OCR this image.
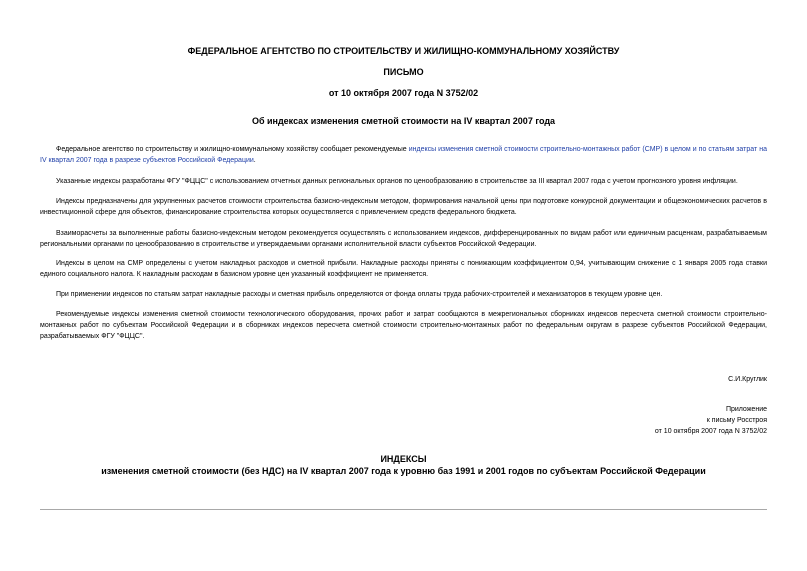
ФЕДЕРАЛЬНОЕ АГЕНТСТВО ПО СТРОИТЕЛЬСТВУ И ЖИЛИЩНО-КОММУНАЛЬНОМУ ХОЗЯЙСТВУ
ПИСЬМО
от 10 октября 2007 года N 3752/02
Об индексах изменения сметной стоимости на IV квартал 2007 года
Федеральное агентство по строительству и жилищно-коммунальному хозяйству сообщает рекомендуемые индексы изменения сметной стоимости строительно-монтажных работ (СМР) в целом и по статьям затрат на IV квартал 2007 года в разрезе субъектов Российской Федерации.
Указанные индексы разработаны ФГУ "ФЦЦС" с использованием отчетных данных региональных органов по ценообразованию в строительстве за III квартал 2007 года с учетом прогнозного уровня инфляции.
Индексы предназначены для укрупненных расчетов стоимости строительства базисно-индексным методом, формирования начальной цены при подготовке конкурсной документации и общеэкономических расчетов в инвестиционной сфере для объектов, финансирование строительства которых осуществляется с привлечением средств федерального бюджета.
Взаиморасчеты за выполненные работы базисно-индексным методом рекомендуется осуществлять с использованием индексов, дифференцированных по видам работ или единичным расценкам, разрабатываемым региональными органами по ценообразованию в строительстве и утверждаемыми органами исполнительной власти субъектов Российской Федерации.
Индексы в целом на СМР определены с учетом накладных расходов и сметной прибыли. Накладные расходы приняты с понижающим коэффициентом 0,94, учитывающим снижение с 1 января 2005 года ставки единого социального налога. К накладным расходам в базисном уровне цен указанный коэффициент не применяется.
При применении индексов по статьям затрат накладные расходы и сметная прибыль определяются от фонда оплаты труда рабочих-строителей и механизаторов в текущем уровне цен.
Рекомендуемые индексы изменения сметной стоимости технологического оборудования, прочих работ и затрат сообщаются в межрегиональных сборниках индексов пересчета сметной стоимости строительно-монтажных работ по субъектам Российской Федерации и в сборниках индексов пересчета сметной стоимости строительно-монтажных работ по федеральным округам в разрезе субъектов Российской Федерации, разрабатываемых ФГУ "ФЦЦС".
С.И.Круглик
Приложение
к письму Росстроя
от 10 октября 2007 года N 3752/02
ИНДЕКСЫ
изменения сметной стоимости (без НДС) на IV квартал 2007 года к уровню баз 1991 и 2001 годов по субъектам Российской Федерации
